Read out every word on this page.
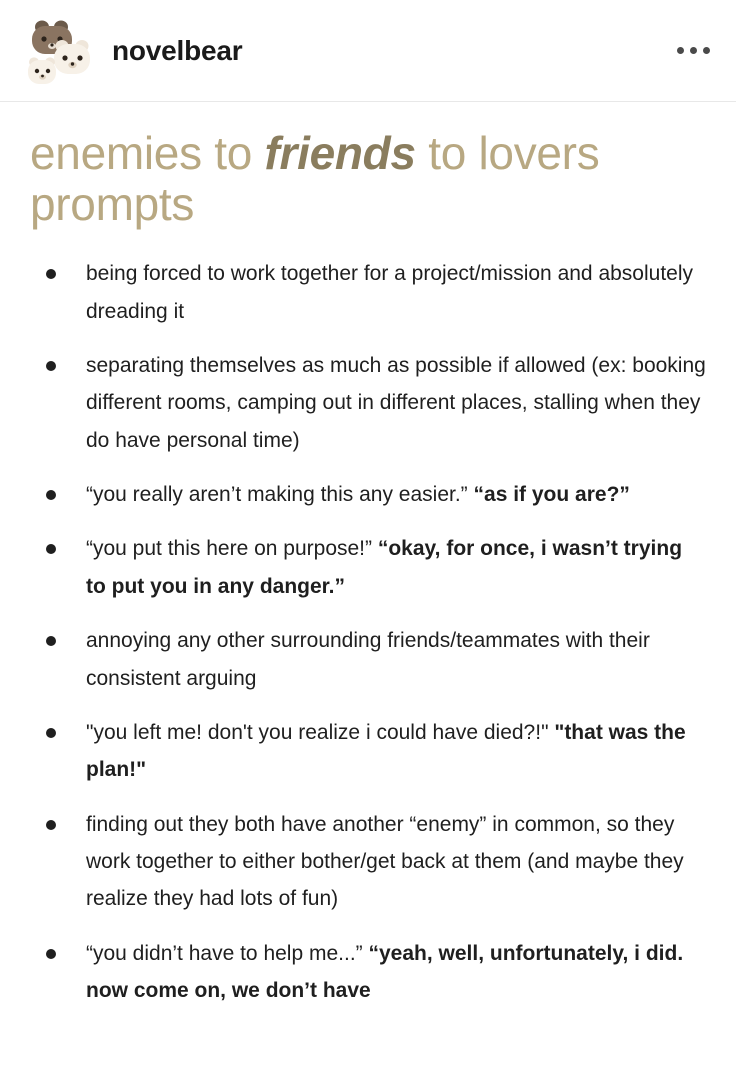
novelbear
enemies to friends to lovers prompts
being forced to work together for a project/mission and absolutely dreading it
separating themselves as much as possible if allowed (ex: booking different rooms, camping out in different places, stalling when they do have personal time)
“you really aren’t making this any easier.” “as if you are?”
“you put this here on purpose!” “okay, for once, i wasn’t trying to put you in any danger.”
annoying any other surrounding friends/teammates with their consistent arguing
"you left me! don't you realize i could have died?!" "that was the plan!"
finding out they both have another “enemy” in common, so they work together to either bother/get back at them (and maybe they realize they had lots of fun)
“you didn’t have to help me...” “yeah, well, unfortunately, i did. now come on, we don’t have
